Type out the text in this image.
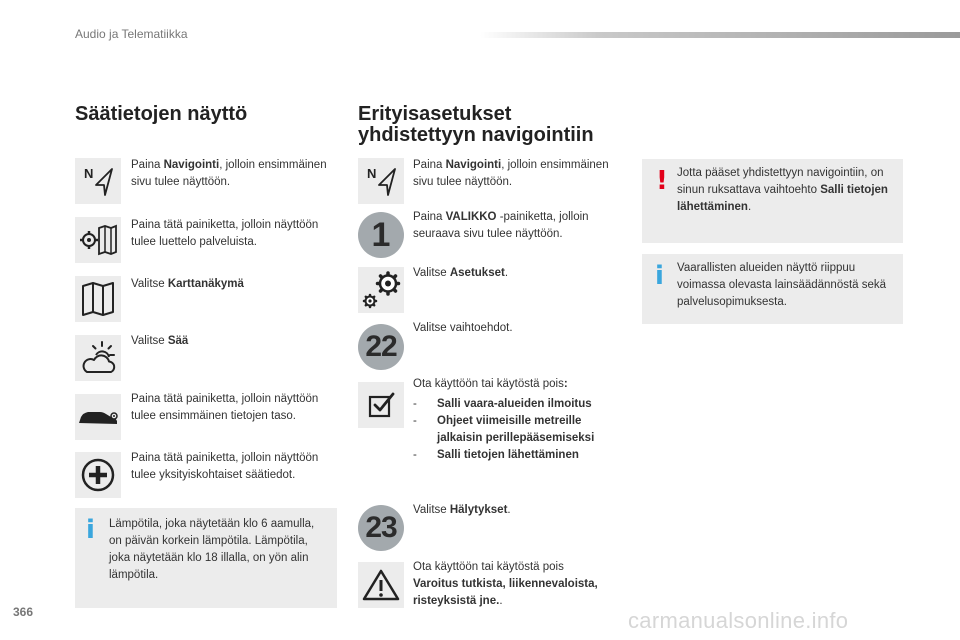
Audio ja Telematiikka
Säätietojen näyttö
N
Paina Navigointi, jolloin ensimmäinen sivu tulee näyttöön.
Paina tätä painiketta, jolloin näyttöön tulee luettelo palveluista.
Valitse Karttanäkymä
Valitse Sää
Paina tätä painiketta, jolloin näyttöön tulee ensimmäinen tietojen taso.
Paina tätä painiketta, jolloin näyttöön tulee yksityiskohtaiset säätiedot.
i Lämpötila, joka näytetään klo 6 aamulla, on päivän korkein lämpötila. Lämpötila, joka näytetään klo 18 illalla, on yön alin lämpötila.
Erityisasetukset
yhdistettyyn navigointiin
N
Paina Navigointi, jolloin ensimmäinen sivu tulee näyttöön.
1	Paina VALIKKO -painiketta, jolloin seuraava sivu tulee näyttöön.
Valitse Asetukset.
22
Valitse vaihtoehdot.
Ota käyttöön tai käytöstä pois:
- Salli vaara-alueiden ilmoitus
- Ohjeet viimeisille metreille jalkaisin perillepääsemiseksi
- Salli tietojen lähettäminen
23
Valitse Hälytykset.
Ota käyttöön tai käytöstä pois
Varoitus tutkista, liikennevaloista, risteyksistä jne..
! Jotta pääset yhdistettyyn navigointiin, on sinun ruksattava vaihtoehto Salli tietojen lähettäminen.
i Vaarallisten alueiden näyttö riippuu voimassa olevasta lainsäädännöstä sekä palvelusopimuksesta.
366	carmanualsonline.info
